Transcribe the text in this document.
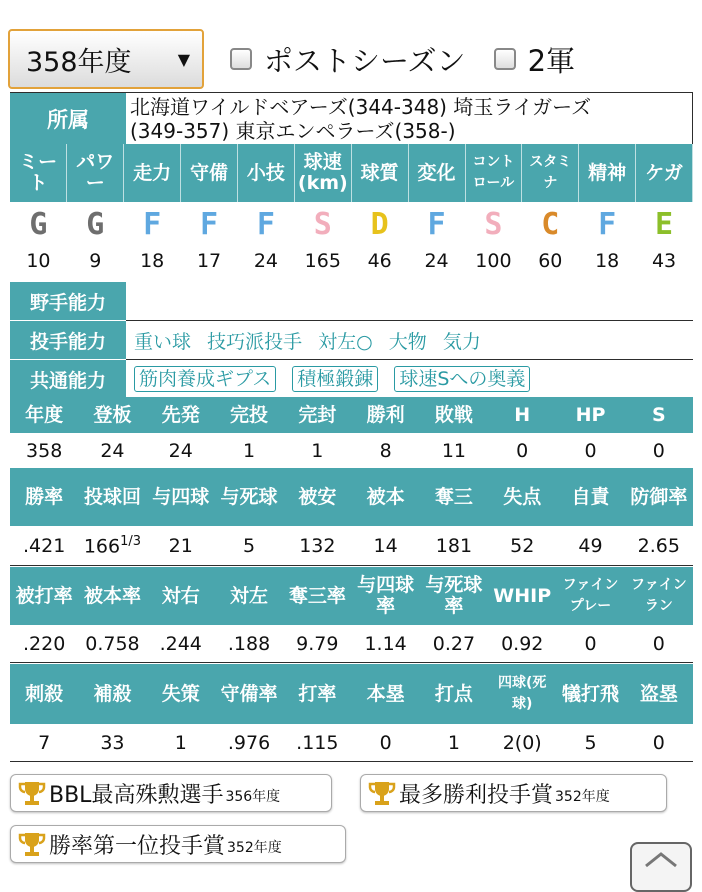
358年度	▼	ポストシーズン 2軍
所属	
北海道ワイルドベアーズ(344-348) 埼玉ライガーズ
(349-357) 東京エンペラーズ(358-)
ミート	パワー	走力	守備	小技	球速(km)	球質	変化	コントロール	スタミナ	精神	ケガ
G	G	F	F	F	S	D	F	S	C	F	E
10	9	18	17	24	165	46	24	100	60	18	43
野手能力	
投手能力	重い球 技巧派投手 対左○ 大物 気力
共通能力	筋肉養成ギプス 積極鍛錬 球速Sへの奥義
年度	登板	先発	完投	完封	勝利	敗戦	H	HP	S
358	24	24	1	1	8	11	0	0	0
勝率	投球回	与四球	与死球	被安	被本	奪三	失点	自責	防御率
.421	$166^{1/3}$	21	5	132	14	181	52	49	2.65
被打率	被本率	対右	対左	奪三率	与四球率	与死球率	WHIP	ファインプレー	ファインラン
.220	0.758	.244	.188	9.79	1.14	0.27	0.92	0	0
刺殺	補殺	失策	守備率	打率	本塁	打点	四球(死球)	犠打飛	盗塁
7	33	1	.976	.115	0	1	2(0)	5	0
BBL最高殊勲選手 356年度	最多勝利投手賞 352年度
勝率第一位投手賞 352年度
